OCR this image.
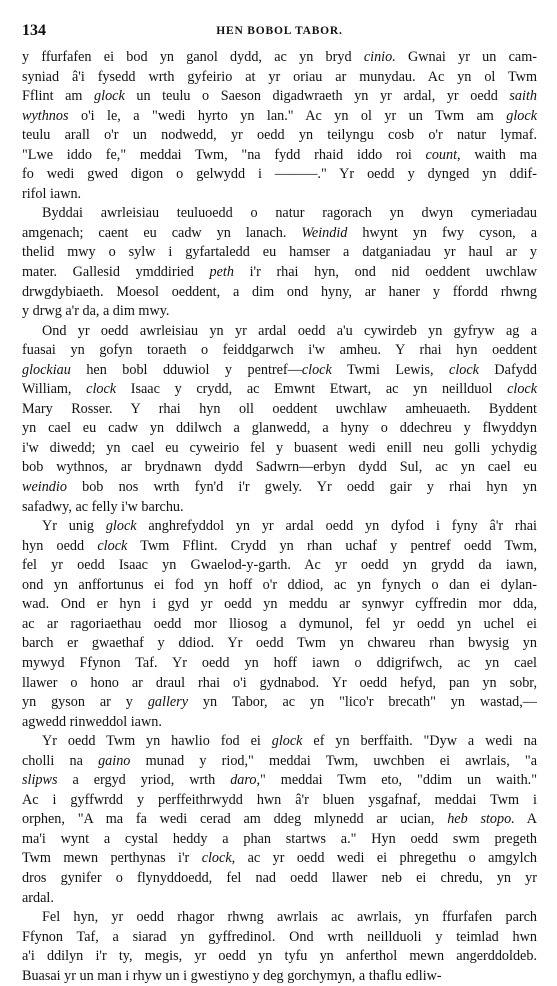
134	HEN BOBOL TABOR.
y ffurfafen ei bod yn ganol dydd, ac yn bryd cinio. Gwnai yr un cam-
syniad â'i fysedd wrth gyfeirio at yr oriau ar munydau. Ac yn ol Twm
Fflint am glock un teulu o Saeson digadwraeth yn yr ardal, yr oedd saith
wythnos o'i le, a "wedi hyrto yn lan." Ac yn ol yr un Twm am glock
teulu arall o'r un nodwedd, yr oedd yn teilyngu cosb o'r natur lymaf.
"Lwe iddo fe," meddai Twm, "na fydd rhaid iddo roi count, waith ma
fo wedi gwed digon o gelwydd i ———." Yr oedd y dynged yn ddif-
rifol iawn.
Byddai awrleisiau teuluoedd o natur ragorach yn dwyn cymeriadau
amgenach; caent eu cadw yn lanach. Weindid hwynt yn fwy cyson, a
thelid mwy o sylw i gyfartaledd eu hamser a datganiadau yr haul ar y
mater. Gallesid ymddiried peth i'r rhai hyn, ond nid oeddent uwchlaw
drwgdybiaeth. Moesol oeddent, a dim ond hyny, ar haner y ffordd rhwng
y drwg a'r da, a dim mwy.
Ond yr oedd awrleisiau yn yr ardal oedd a'u cywirdeb yn gyfryw ag a
fuasai yn gofyn toraeth o feiddgarwch i'w amheu. Y rhai hyn oeddent
glockiau hen bobl dduwiol y pentref—clock Twmi Lewis, clock Dafydd
William, clock Isaac y crydd, ac Emwnt Etwart, ac yn neillduol clock
Mary Rosser. Y rhai hyn oll oeddent uwchlaw amheuaeth. Byddent
yn cael eu cadw yn ddilwch a glanwedd, a hyny o ddechreu y flwyddyn
i'w diwedd; yn cael eu cyweirio fel y buasent wedi enill neu golli ychydig
bob wythnos, ar brydnawn dydd Sadwrn—erbyn dydd Sul, ac yn cael eu
weindio bob nos wrth fyn'd i'r gwely. Yr oedd gair y rhai hyn yn
safadwy, ac felly i'w barchu.
Yr unig glock anghrefyddol yn yr ardal oedd yn dyfod i fyny â'r rhai
hyn oedd clock Twm Fflint. Crydd yn rhan uchaf y pentref oedd Twm,
fel yr oedd Isaac yn Gwaelod-y-garth. Ac yr oedd yn grydd da iawn,
ond yn anffortunus ei fod yn hoff o'r ddiod, ac yn fynych o dan ei dylan-
wad. Ond er hyn i gyd yr oedd yn meddu ar synwyr cyffredin mor dda,
ac ar ragoriaethau oedd mor lliosog a dymunol, fel yr oedd yn uchel ei
barch er gwaethaf y ddiod. Yr oedd Twm yn chwareu rhan bwysig yn
mywyd Ffynon Taf. Yr oedd yn hoff iawn o ddigrifwch, ac yn cael
llawer o hono ar draul rhai o'i gydnabod. Yr oedd hefyd, pan yn sobr,
yn gyson ar y gallery yn Tabor, ac yn "lico'r brecath" yn wastad,—
agwedd rinweddol iawn.
Yr oedd Twm yn hawlio fod ei glock ef yn berffaith. "Dyw a wedi na
cholli na gaino munad y riod," meddai Twm, uwchben ei awrlais, "a
slipws a ergyd yriod, wrth daro," meddai Twm eto, "ddim un waith."
Ac i gyffwrdd y perffeithrwydd hwn â'r bluen ysgafnaf, meddai Twm i
orphen, "A ma fa wedi cerad am ddeg mlynedd ar ucian, heb stopo. A
ma'i wynt a cystal heddy a phan startws a." Hyn oedd swm pregeth
Twm mewn perthynas i'r clock, ac yr oedd wedi ei phregethu o amgylch
dros gynifer o flynyddoedd, fel nad oedd llawer neb ei chredu, yn yr
ardal.
Fel hyn, yr oedd rhagor rhwng awrlais ac awrlais, yn ffurfafen parch
Ffynon Taf, a siarad yn gyffredinol. Ond wrth neillduoli y teimlad hwn
a'i ddilyn i'r ty, megis, yr oedd yn tyfu yn anferthol mewn angerddoldeb.
Buasai yr un man i rhyw un i gwestiyno y deg gorchymyn, a thaflu edliw-
